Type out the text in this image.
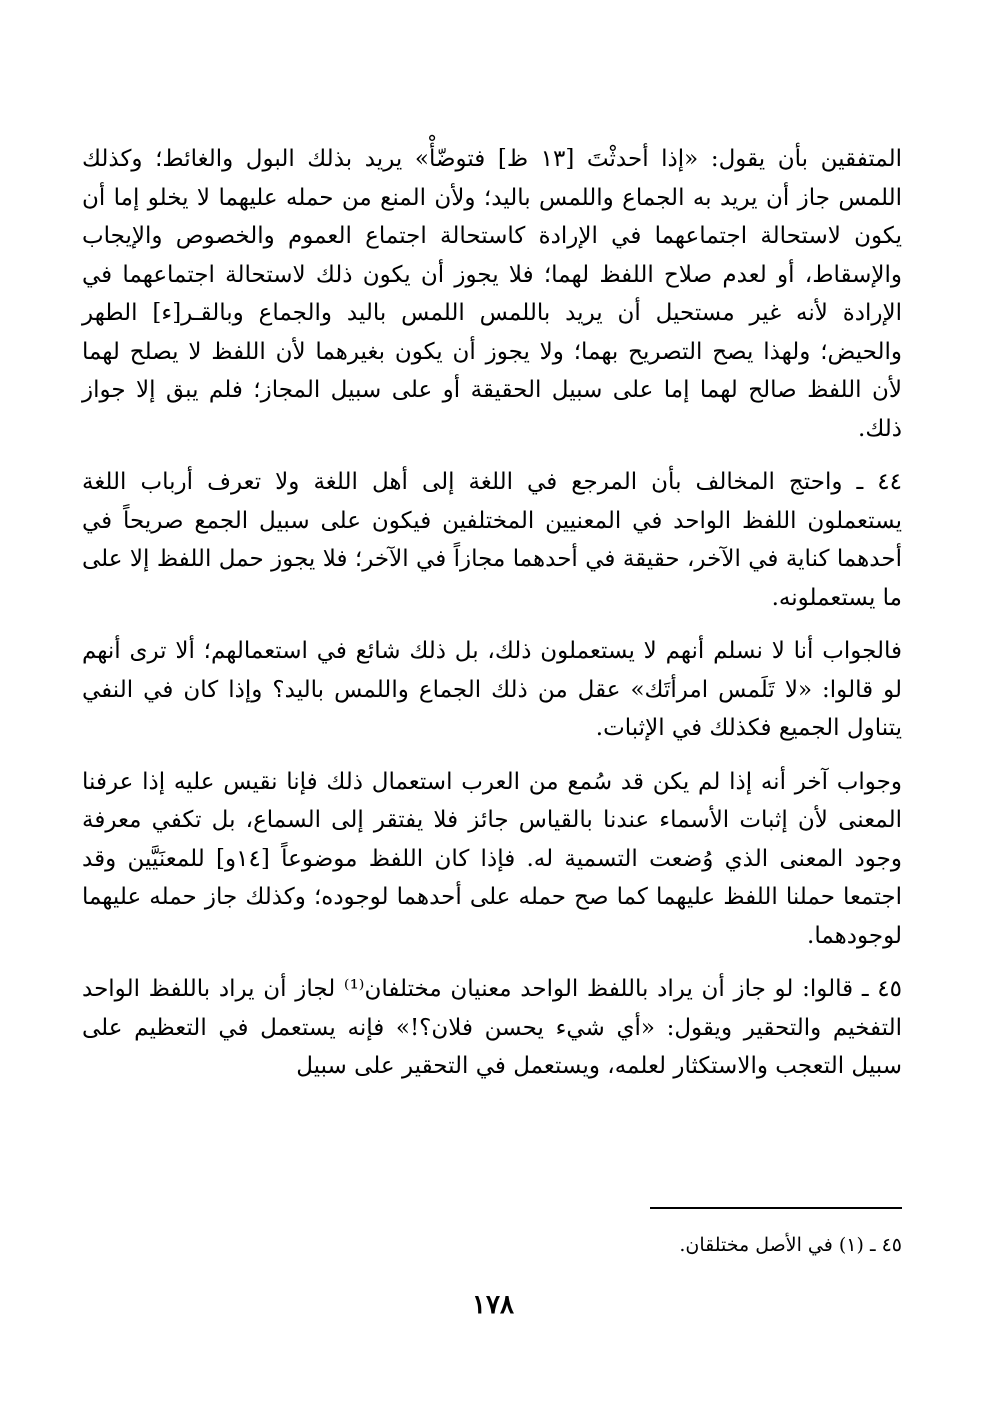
المتفقين بأن يقول: «إذا أحدثْتَ [١٣ ظ] فتوضّأْ» يريد بذلك البول والغائط؛ وكذلك اللمس جاز أن يريد به الجماع واللمس باليد؛ ولأن المنع من حمله عليهما لا يخلو إما أن يكون لاستحالة اجتماعهما في الإرادة كاستحالة اجتماع العموم والخصوص والإيجاب والإسقاط، أو لعدم صلاح اللفظ لهما؛ فلا يجوز أن يكون ذلك لاستحالة اجتماعهما في الإرادة لأنه غير مستحيل أن يريد باللمس اللمس باليد والجماع وبالقـر[ء] الطهر والحيض؛ ولهذا يصح التصريح بهما؛ ولا يجوز أن يكون بغيرهما لأن اللفظ لا يصلح لهما لأن اللفظ صالح لهما إما على سبيل الحقيقة أو على سبيل المجاز؛ فلم يبق إلا جواز ذلك.

٤٤ ـ واحتج المخالف بأن المرجع في اللغة إلى أهل اللغة ولا تعرف أرباب اللغة يستعملون اللفظ الواحد في المعنيين المختلفين فيكون على سبيل الجمع صريحاً في أحدهما كناية في الآخر، حقيقة في أحدهما مجازاً في الآخر؛ فلا يجوز حمل اللفظ إلا على ما يستعملونه.

فالجواب أنا لا نسلم أنهم لا يستعملون ذلك، بل ذلك شائع في استعمالهم؛ ألا ترى أنهم لو قالوا: «لا تَلَمس امرأتَك» عقل من ذلك الجماع واللمس باليد؟ وإذا كان في النفي يتناول الجميع فكذلك في الإثبات.

وجواب آخر أنه إذا لم يكن قد سُمع من العرب استعمال ذلك فإنا نقيس عليه إذا عرفنا المعنى لأن إثبات الأسماء عندنا بالقياس جائز فلا يفتقر إلى السماع، بل تكفي معرفة وجود المعنى الذي وُضعت التسمية له. فإذا كان اللفظ موضوعاً [١٤و] للمعنَيَّين وقد اجتمعا حملنا اللفظ عليهما كما صح حمله على أحدهما لوجوده؛ وكذلك جاز حمله عليهما لوجودهما.

٤٥ ـ قالوا: لو جاز أن يراد باللفظ الواحد معنيان مختلفان⁽¹⁾ لجاز أن يراد باللفظ الواحد التفخيم والتحقير ويقول: «أي شيء يحسن فلان؟!» فإنه يستعمل في التعظيم على سبيل التعجب والاستكثار لعلمه، ويستعمل في التحقير على سبيل

٤٥ ـ (١) في الأصل مختلقان.
١٧٨
